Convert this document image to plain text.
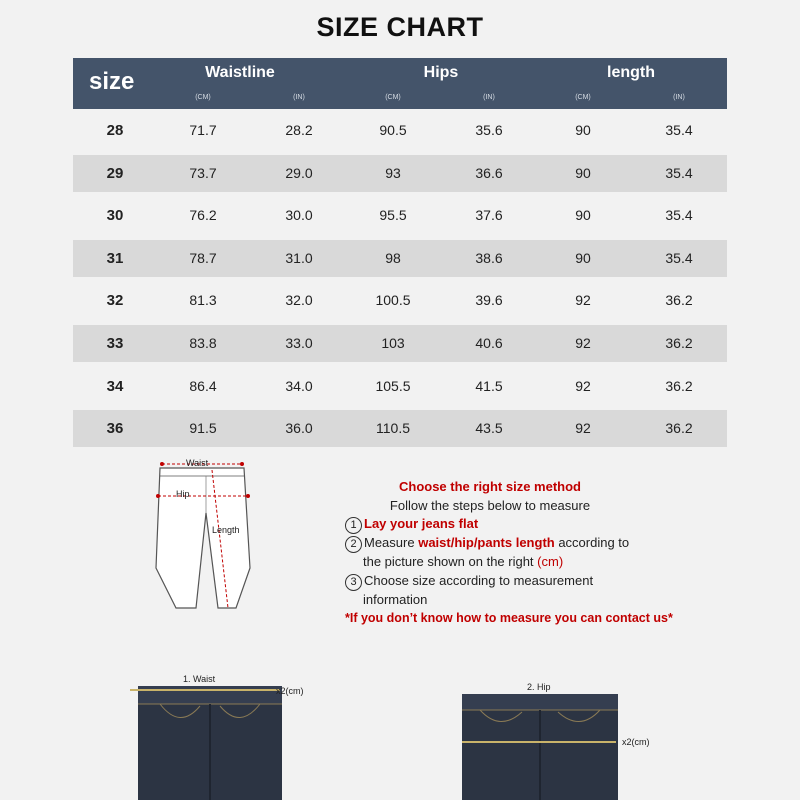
SIZE CHART
size	Waistline	Hips	length
(CM)	(IN)	(CM)	(IN)	(CM)	(IN)
28	71.7	28.2	90.5	35.6	90	35.4
29	73.7	29.0	93	36.6	90	35.4
30	76.2	30.0	95.5	37.6	90	35.4
31	78.7	31.0	98	38.6	90	35.4
32	81.3	32.0	100.5	39.6	92	36.2
33	83.8	33.0	103	40.6	92	36.2
34	86.4	34.0	105.5	41.5	92	36.2
36	91.5	36.0	110.5	43.5	92	36.2
Waist
Hip
Length
Choose the right size method
Follow the steps below to measure
1 Lay your jeans flat
2 Measure waist/hip/pants length according to
the picture shown on the right (cm)
3 Choose size according to measurement
information
*If you don’t know how to measure you can contact us*
1. Waist
x2(cm)	2. Hip
x2(cm)
